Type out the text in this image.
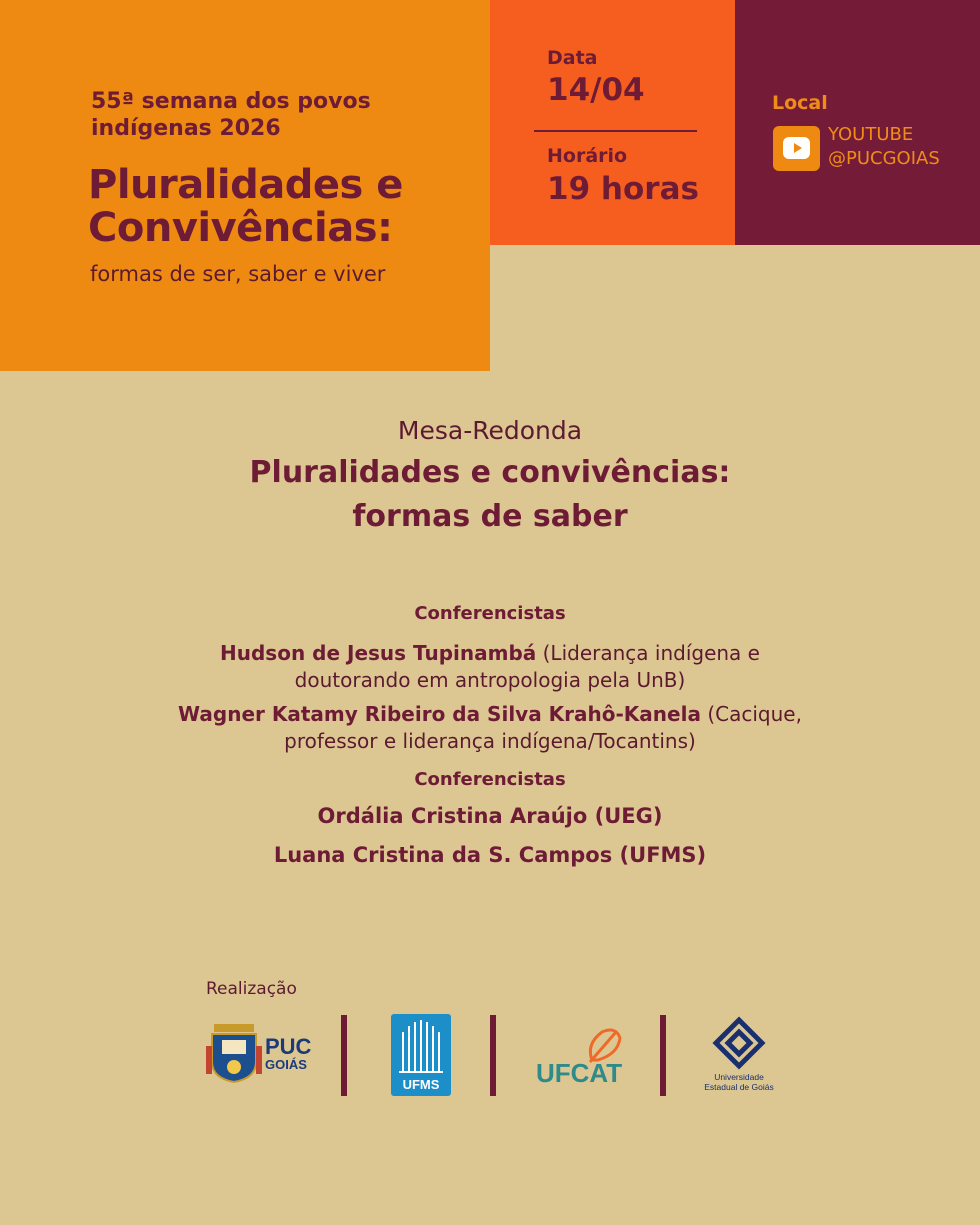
55ª semana dos povos
indígenas 2026
Pluralidades e
Convivências:
formas de ser, saber e viver
Data
14/04
Horário
19 horas
Local
YOUTUBE
@PUCGOIAS
Mesa-Redonda
Pluralidades e convivências:
formas de saber
Conferencistas
Hudson de Jesus Tupinambá (Liderança indígena e
doutorando em antropologia pela UnB)
Wagner Katamy Ribeiro da Silva Krahô-Kanela (Cacique,
professor e liderança indígena/Tocantins)
Conferencistas
Ordália Cristina Araújo (UEG)
Luana Cristina da S. Campos (UFMS)
Realização
PUC
GOIÁS
UFMS	UFCAT	Universidade
Estadual de Goiás
